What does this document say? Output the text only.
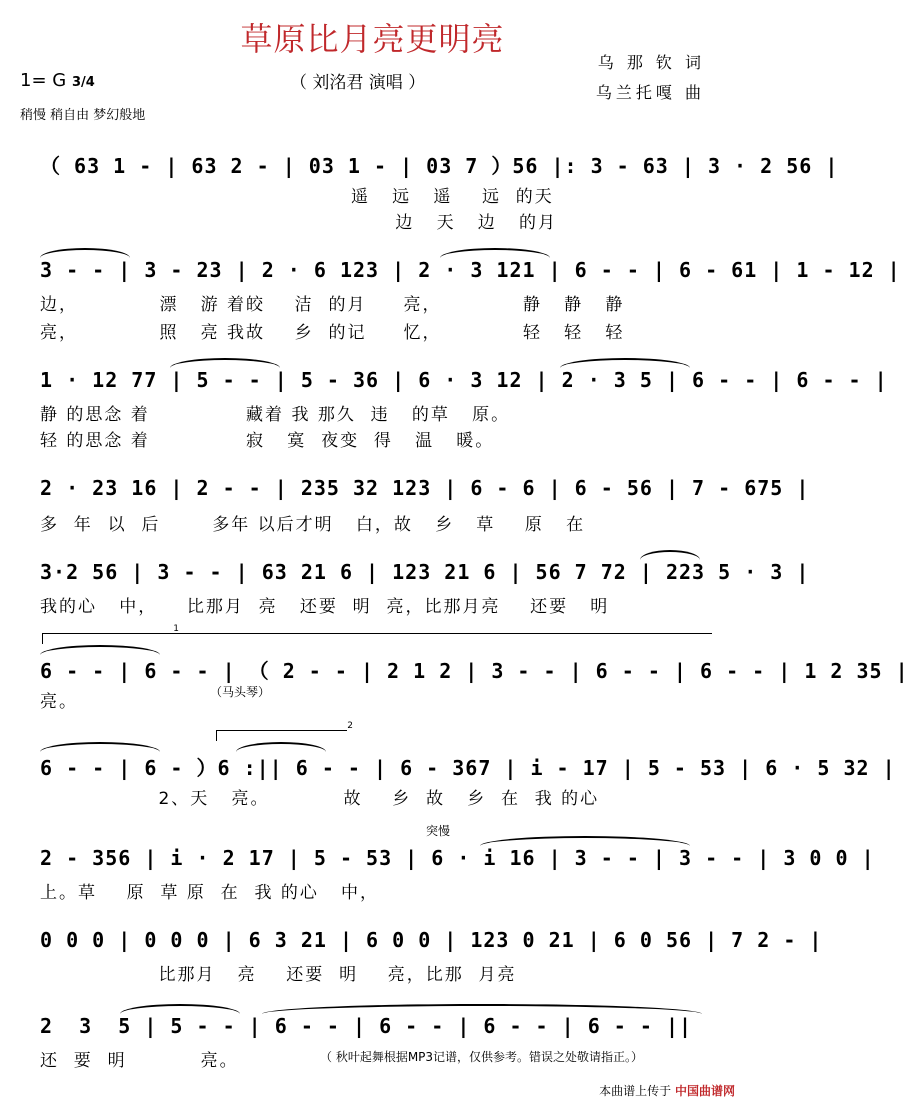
草原比月亮更明亮
（ 刘洺君 演唱 ）
乌 那 钦 词
乌兰托嘎 曲
1= G 3/4
稍慢 稍自由 梦幻般地
（ 63 1 - | 63 2 - | 03 1 - | 03 7 ）56 |: 3 - 63 | 3 · 2 56 |
遥   远   遥    远  的天
边   天   边   的月
3 - - | 3 - 23 | 2 · 6 123 | 2 · 3 121 | 6 - - | 6 - 61 | 1 - 12 |
边，           漂   游 着皎    洁  的月     亮，           静   静   静
亮，           照   亮 我故    乡  的记     忆，           轻   轻   轻
1 · 12 77 | 5 - - | 5 - 36 | 6 · 3 12 | 2 · 3 5 | 6 - - | 6 - - |
静 的思念 着             藏着 我 那久  违   的草   原。
轻 的思念 着             寂   寞  夜变  得   温   暖。
2 · 23 16 | 2 - - | 235 32 123 | 6 - 6 | 6 - 56 | 7 - 675 |
多  年  以  后       多年 以后才明   白，故   乡   草    原   在
3·2 56 | 3 - - | 63 21 6 | 123 21 6 | 56 7 72 | 223 5 · 3 |
我的心   中，    比那月  亮   还要  明  亮，比那月亮    还要   明
1
6 - - | 6 - - | （ 2 - - | 2 1 2 | 3 - - | 6 - - | 6 - - | 1 2 35 |
亮。	（马头琴）
2
6 - - | 6 - ）6 :|| 6 - - | 6 - 367 | i - 17 | 5 - 53 | 6 · 5 32 |
2、天   亮。          故    乡  故   乡  在  我 的心
突慢
2 - 356 | i · 2 17 | 5 - 53 | 6 · i 16 | 3 - - | 3 - - | 3 0 0 |
上。草    原  草 原  在  我 的心   中，
0 0 0 | 0 0 0 | 6 3 21 | 6 0 0 | 123 0 21 | 6 0 56 | 7 2 - |
比那月   亮    还要  明    亮，比那  月亮
2  3  5 | 5 - - | 6 - - | 6 - - | 6 - - | 6 - - ||
还  要  明          亮。	（ 秋叶起舞根据MP3记谱，仅供参考。错误之处敬请指正。）
本曲谱上传于 中国曲谱网
